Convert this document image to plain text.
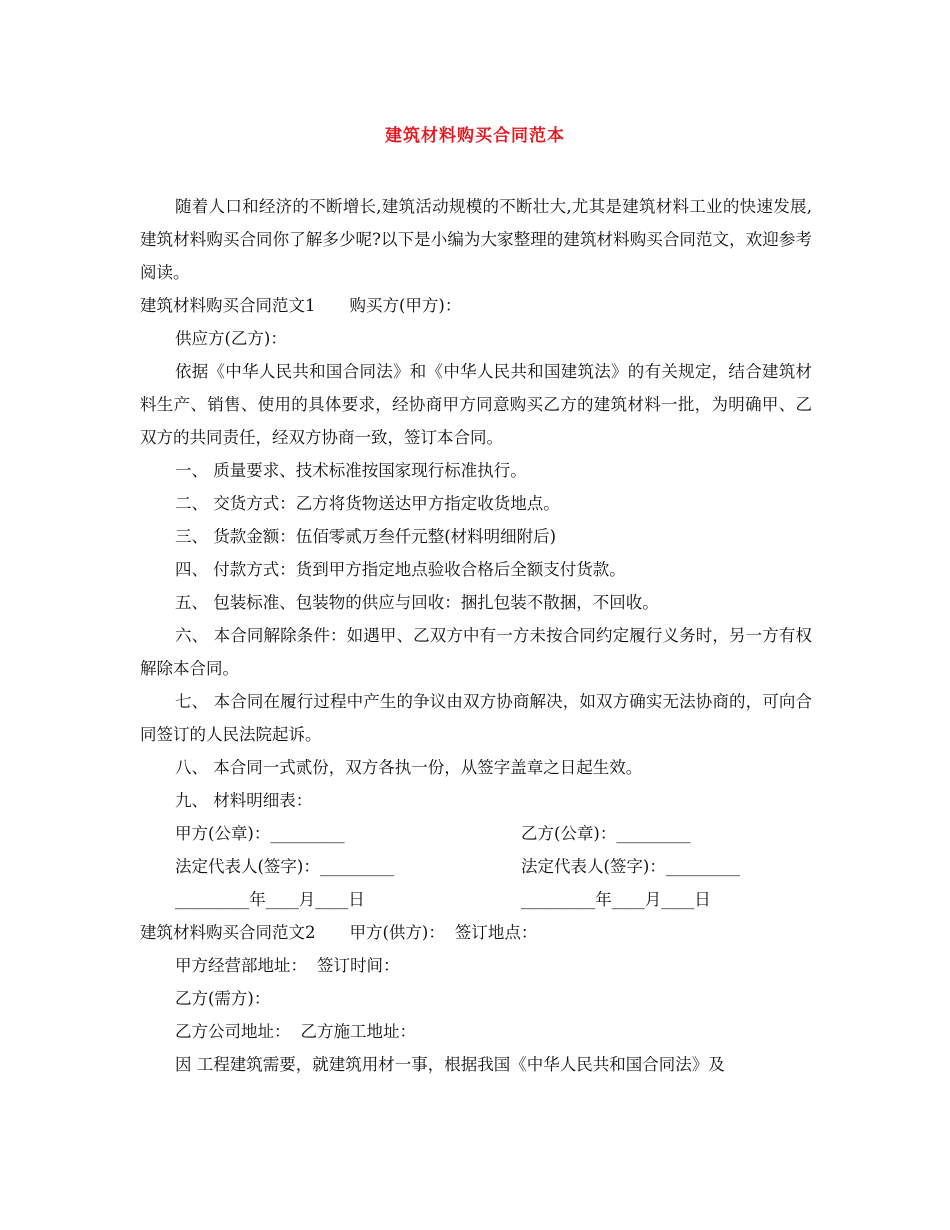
建筑材料购买合同范本

随着人口和经济的不断增长,建筑活动规模的不断壮大,尤其是建筑材料工业的快速发展,建筑材料购买合同你了解多少呢?以下是小编为大家整理的建筑材料购买合同范文，欢迎参考阅读。

建筑材料购买合同范文1 购买方(甲方)：

供应方(乙方)：

依据《中华人民共和国合同法》和《中华人民共和国建筑法》的有关规定，结合建筑材料生产、销售、使用的具体要求，经协商甲方同意购买乙方的建筑材料一批，为明确甲、乙双方的共同责任，经双方协商一致，签订本合同。

一、 质量要求、技术标准按国家现行标准执行。

二、 交货方式：乙方将货物送达甲方指定收货地点。

三、 货款金额：伍佰零贰万叁仟元整(材料明细附后)

四、 付款方式：货到甲方指定地点验收合格后全额支付货款。

五、 包装标准、包装物的供应与回收：捆扎包装不散捆，不回收。

六、 本合同解除条件：如遇甲、乙双方中有一方未按合同约定履行义务时，另一方有权解除本合同。

七、 本合同在履行过程中产生的争议由双方协商解决，如双方确实无法协商的，可向合同签订的人民法院起诉。

八、 本合同一式贰份，双方各执一份，从签字盖章之日起生效。

九、 材料明细表：

甲方(公章)：_________	乙方(公章)：_________
法定代表人(签字)：_________	法定代表人(签字)：_________
_________年____月____日	_________年____月____日

建筑材料购买合同范文2 甲方(供方)： 签订地点：

甲方经营部地址： 签订时间：

乙方(需方)：

乙方公司地址： 乙方施工地址：

因 工程建筑需要，就建筑用材一事，根据我国《中华人民共和国合同法》及
